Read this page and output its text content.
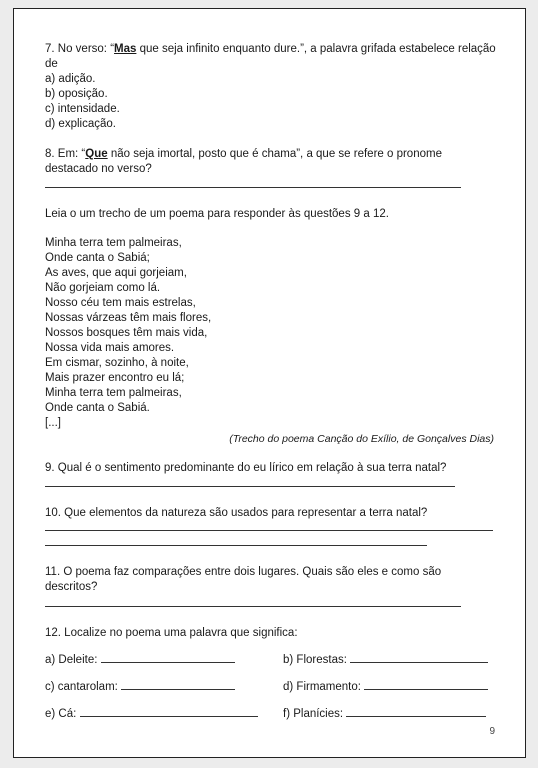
7. No verso: “Mas que seja infinito enquanto dure.”, a palavra grifada estabelece relação de
a) adição.
b) oposição.
c) intensidade.
d) explicação.
8. Em: “Que não seja imortal, posto que é chama”, a que se refere o pronome destacado no verso?
Leia o um trecho de um poema para responder às questões 9 a 12.
Minha terra tem palmeiras,
Onde canta o Sabiá;
As aves, que aqui gorjeiam,
Não gorjeiam como lá.
Nosso céu tem mais estrelas,
Nossas várzeas têm mais flores,
Nossos bosques têm mais vida,
Nossa vida mais amores.
Em cismar, sozinho, à noite,
Mais prazer encontro eu lá;
Minha terra tem palmeiras,
Onde canta o Sabiá.
[...]
(Trecho do poema Canção do Exílio, de Gonçalves Dias)
9. Qual é o sentimento predominante do eu lírico em relação à sua terra natal?
10. Que elementos da natureza são usados para representar a terra natal?
11. O poema faz comparações entre dois lugares. Quais são eles e como são descritos?
12. Localize no poema uma palavra que significa:
a) Deleite:	b) Florestas:
c) cantarolam:	d) Firmamento:
e) Cá:	f) Planícies:
9
